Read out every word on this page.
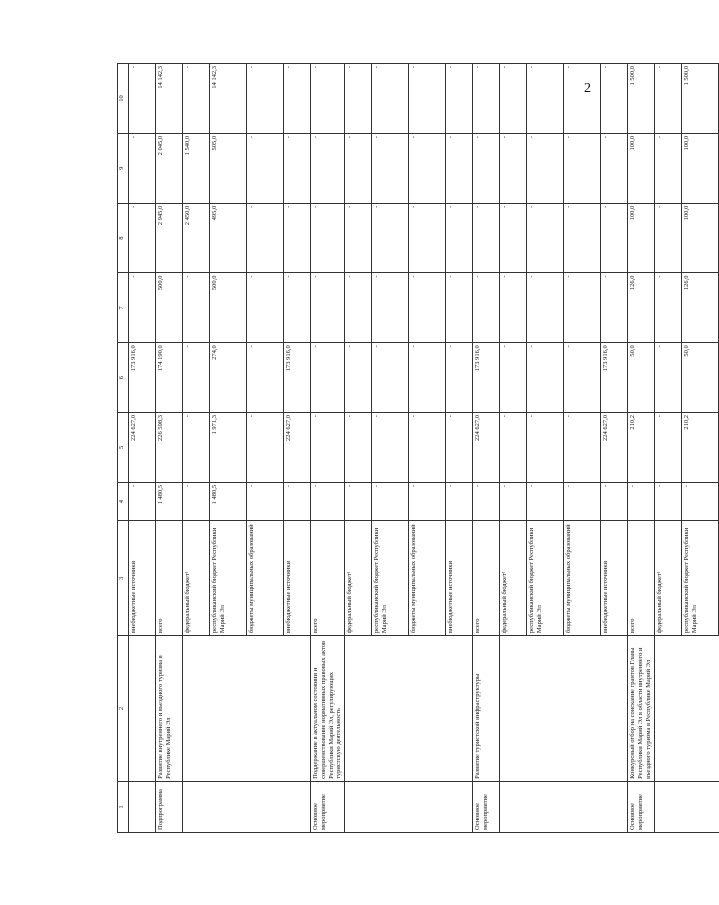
2
1	2	3	4	5	6	7	8	9	10
		внебюджетные источники	-	224 627,0	173 916,0	-	-	-	-
Подпрограмма	Развитие внутреннего и въездного туризма в Республике Марий Эл	всего	1 480,5	226 598,3	174 190,0	500,0	2 945,0	2 045,0	14 142,3
		федеральный бюджет¹	-	-	-	-	2 450,0	1 540,0	-
		республиканский бюджет Республики Марий Эл	1 480,5	1 971,3	274,0	500,0	495,0	505,0	14 142,3
		бюджеты муниципальных образований	-	-	-	-	-	-	-
		внебюджетные источники	-	224 627,0	173 916,0	-	-	-	-
Основное мероприятие	Поддержание в актуальном состоянии и совершенствование нормативных правовых актов Республики Марий Эл, регулирующих туристскую деятельность	всего	-	-	-	-	-	-	-
		федеральный бюджет¹	-	-	-	-	-	-	-
		республиканский бюджет Республики Марий Эл	-	-	-	-	-	-	-
		бюджеты муниципальных образований	-	-	-	-	-	-	-
		внебюджетные источники	-	-	-	-	-	-	-
Основное мероприятие	Развитие туристской инфраструктуры	всего	-	224 627,0	173 916,0	-	-	-	-
		федеральный бюджет¹	-	-	-	-	-	-	-
		республиканский бюджет Республики Марий Эл	-	-	-	-	-	-	-
		бюджеты муниципальных образований	-	-	-	-	-	-	-
		внебюджетные источники	-	224 627,0	173 916,0	-	-	-	-
Основное мероприятие	Конкурсный отбор на соискание грантов Главы Республики Марий Эл в области внутреннего и въездного туризма в Республике Марий Эл	всего	-	210,2	50,0	126,0	100,0	100,0	1 500,0
		федеральный бюджет¹	-	-	-	-	-	-	-
		республиканский бюджет Республики Марий Эл	-	210,2	50,0	126,0	100,0	100,0	1 500,0
